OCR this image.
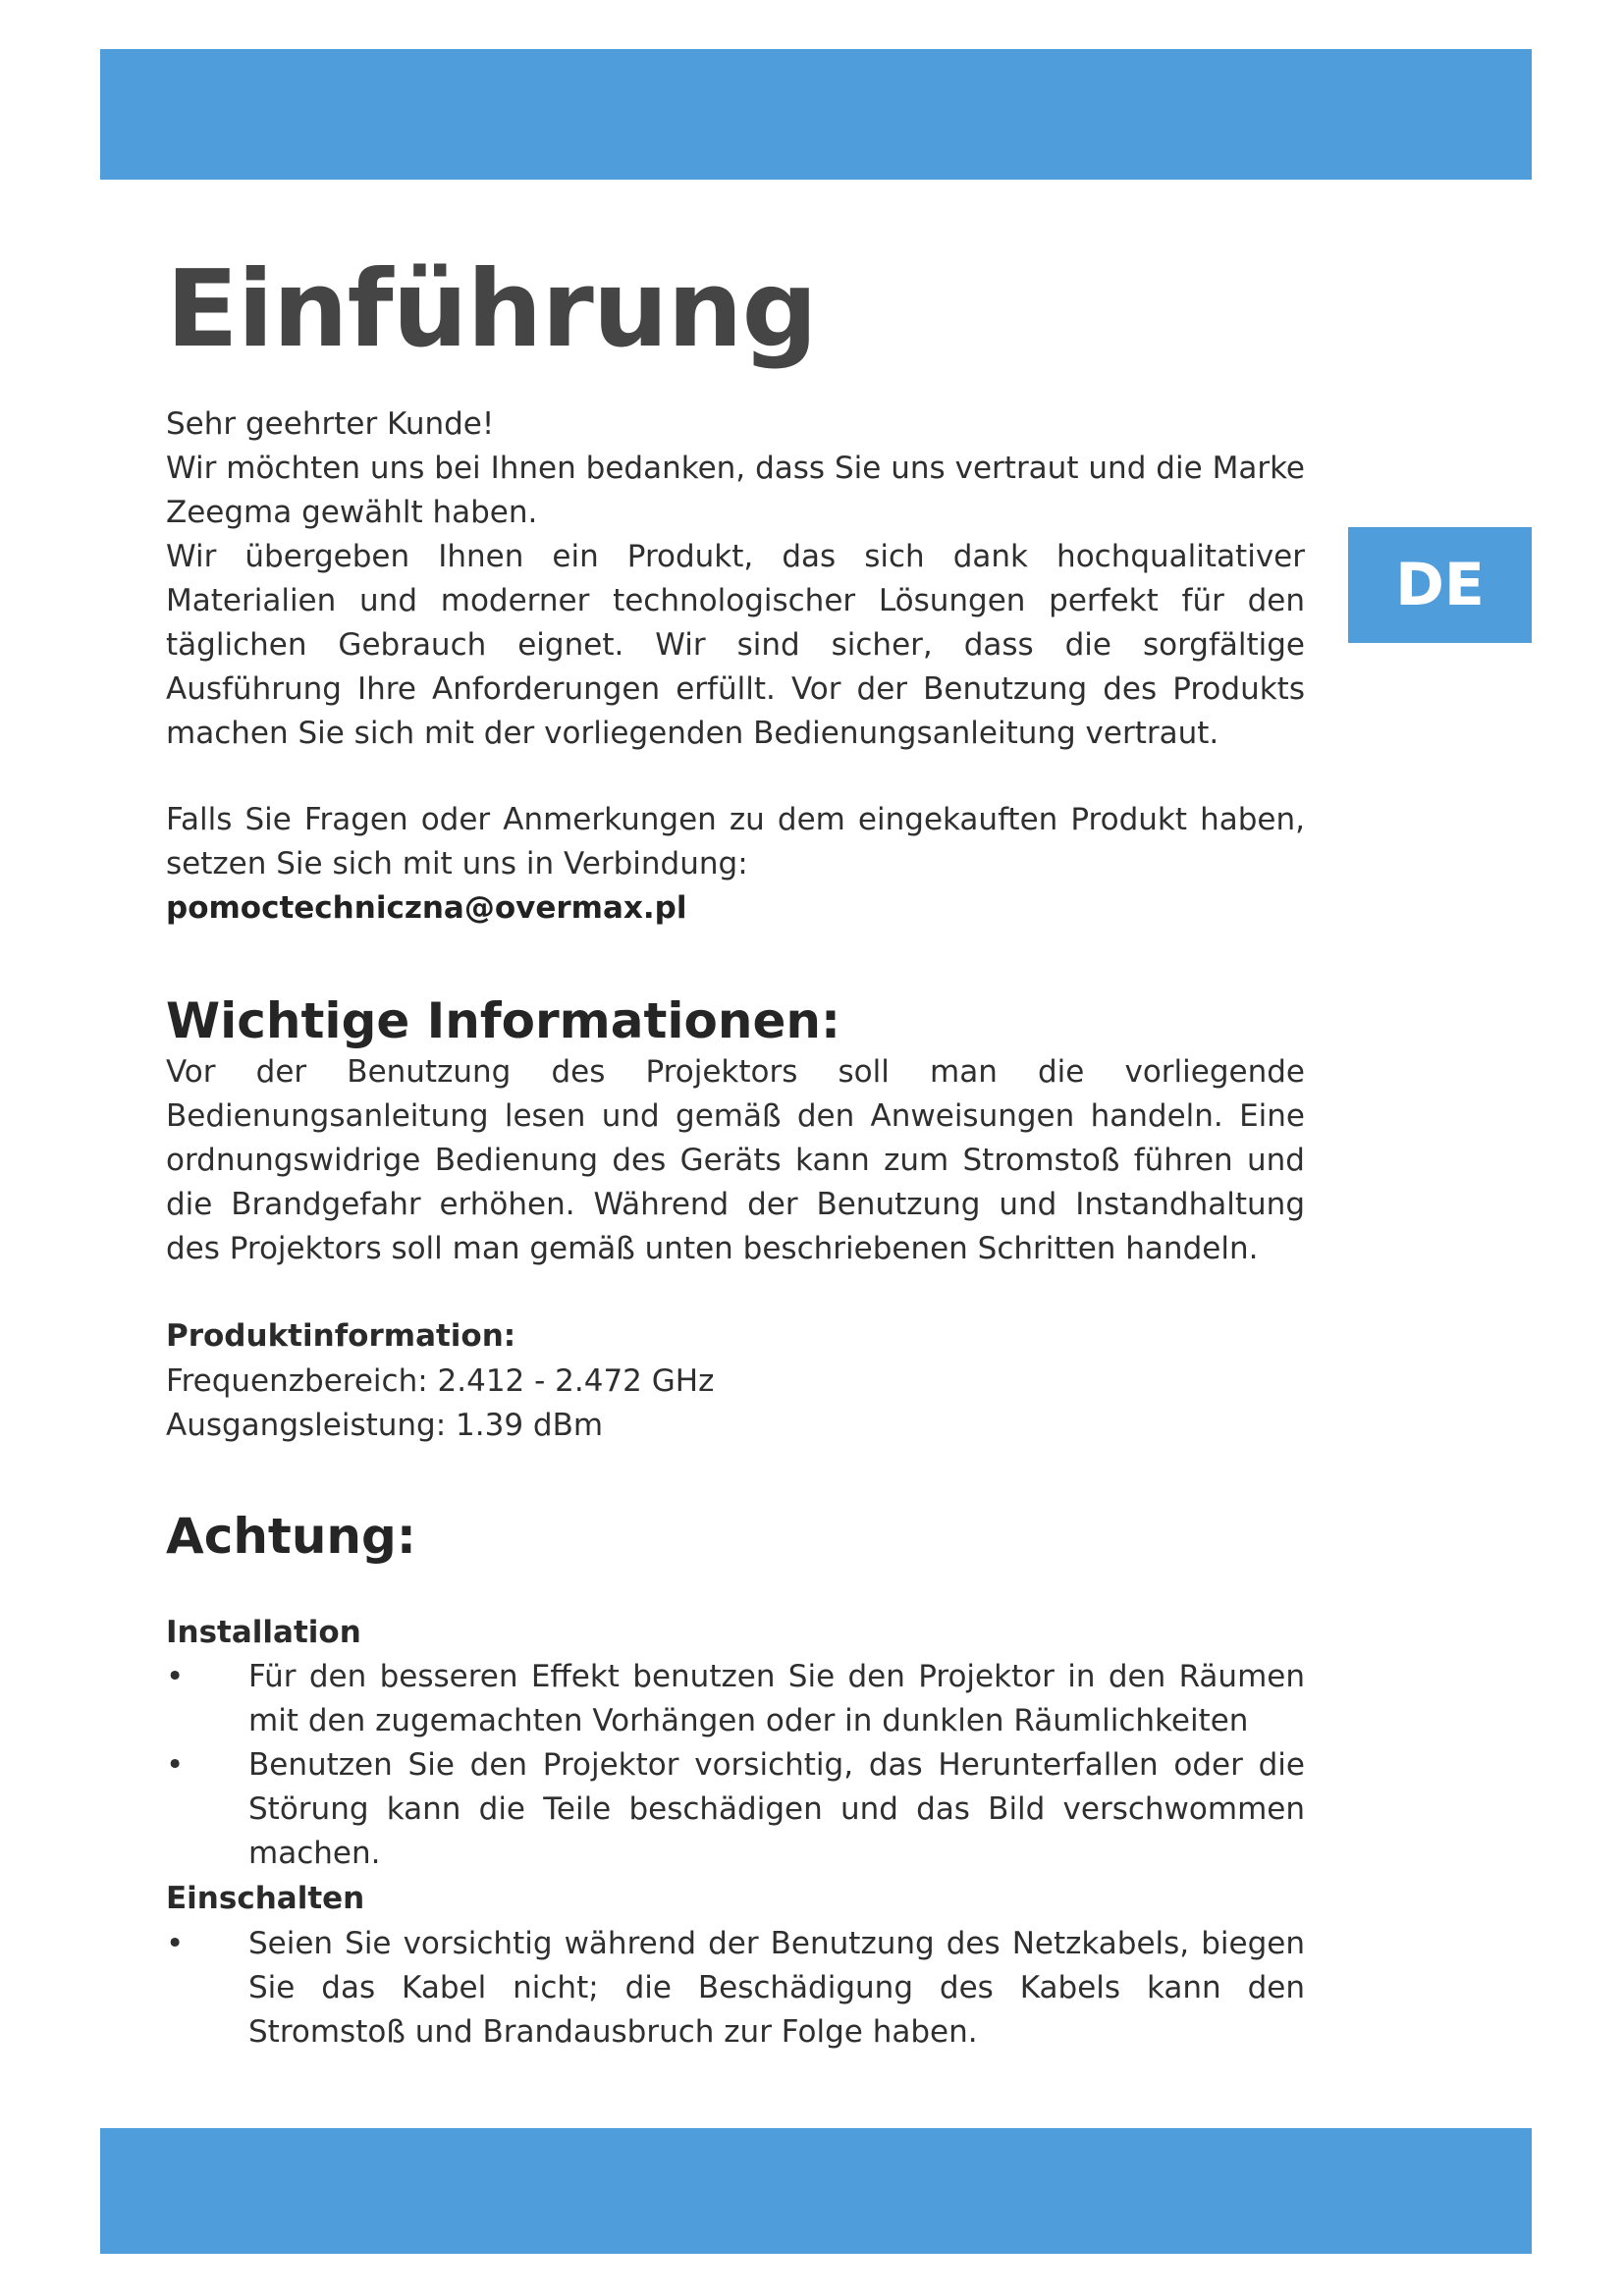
DE
Einführung
Sehr geehrter Kunde!
Wir möchten uns bei Ihnen bedanken, dass Sie uns vertraut und die Marke Zeegma gewählt haben.
Wir übergeben Ihnen ein Produkt, das sich dank hochqualitativer Materialien und moderner technologischer Lösungen perfekt für den täglichen Gebrauch eignet. Wir sind sicher, dass die sorgfältige Ausführung Ihre Anforderungen erfüllt. Vor der Benutzung des Produkts machen Sie sich mit der vorliegenden Bedienungsanleitung vertraut.
Falls Sie Fragen oder Anmerkungen zu dem eingekauften Produkt haben, setzen Sie sich mit uns in Verbindung:
pomoctechniczna@overmax.pl
Wichtige Informationen:
Vor der Benutzung des Projektors soll man die vorliegende Bedienungsanleitung lesen und gemäß den Anweisungen handeln. Eine ordnungswidrige Bedienung des Geräts kann zum Stromstoß führen und die Brandgefahr erhöhen. Während der Benutzung und Instandhaltung des Projektors soll man gemäß unten beschriebenen Schritten handeln.
Produktinformation:
Frequenzbereich: 2.412 - 2.472 GHz
Ausgangsleistung: 1.39 dBm
Achtung:
Installation
• Für den besseren Effekt benutzen Sie den Projektor in den Räumen mit den zugemachten Vorhängen oder in dunklen Räumlichkeiten
• Benutzen Sie den Projektor vorsichtig, das Herunterfallen oder die Störung kann die Teile beschädigen und das Bild verschwommen machen.
Einschalten
• Seien Sie vorsichtig während der Benutzung des Netzkabels, biegen Sie das Kabel nicht; die Beschädigung des Kabels kann den Stromstoß und Brandausbruch zur Folge haben.
